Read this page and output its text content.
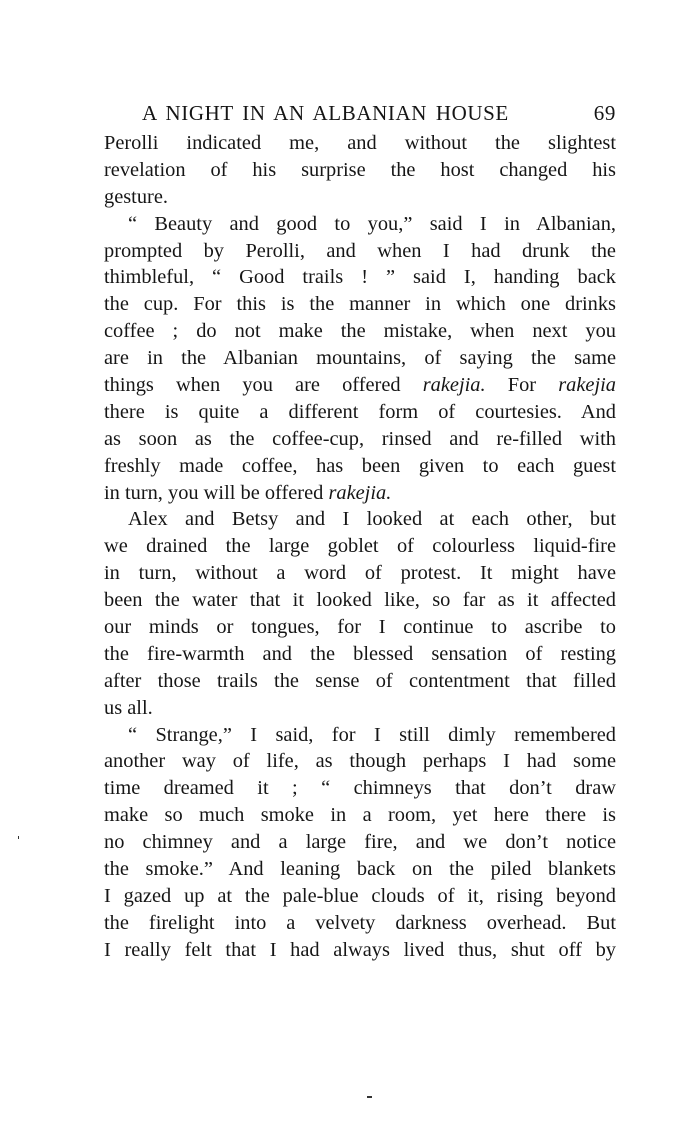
A NIGHT IN AN ALBANIAN HOUSE	69
Perolli indicated me, and without the slightest
revelation of his surprise the host changed his
gesture.
“ Beauty and good to you,” said I in Albanian,
prompted by Perolli, and when I had drunk the
thimbleful, “ Good trails ! ” said I, handing back
the cup. For this is the manner in which one drinks
coffee ; do not make the mistake, when next you
are in the Albanian mountains, of saying the same
things when you are offered rakejia. For rakejia
there is quite a different form of courtesies. And
as soon as the coffee-cup, rinsed and re-filled with
freshly made coffee, has been given to each guest
in turn, you will be offered rakejia.
Alex and Betsy and I looked at each other, but
we drained the large goblet of colourless liquid-fire
in turn, without a word of protest. It might have
been the water that it looked like, so far as it affected
our minds or tongues, for I continue to ascribe to
the fire-warmth and the blessed sensation of resting
after those trails the sense of contentment that filled
us all.
“ Strange,” I said, for I still dimly remembered
another way of life, as though perhaps I had some
time dreamed it ; “ chimneys that don’t draw
make so much smoke in a room, yet here there is
no chimney and a large fire, and we don’t notice
the smoke.” And leaning back on the piled blankets
I gazed up at the pale-blue clouds of it, rising beyond
the firelight into a velvety darkness overhead. But
I really felt that I had always lived thus, shut off by
